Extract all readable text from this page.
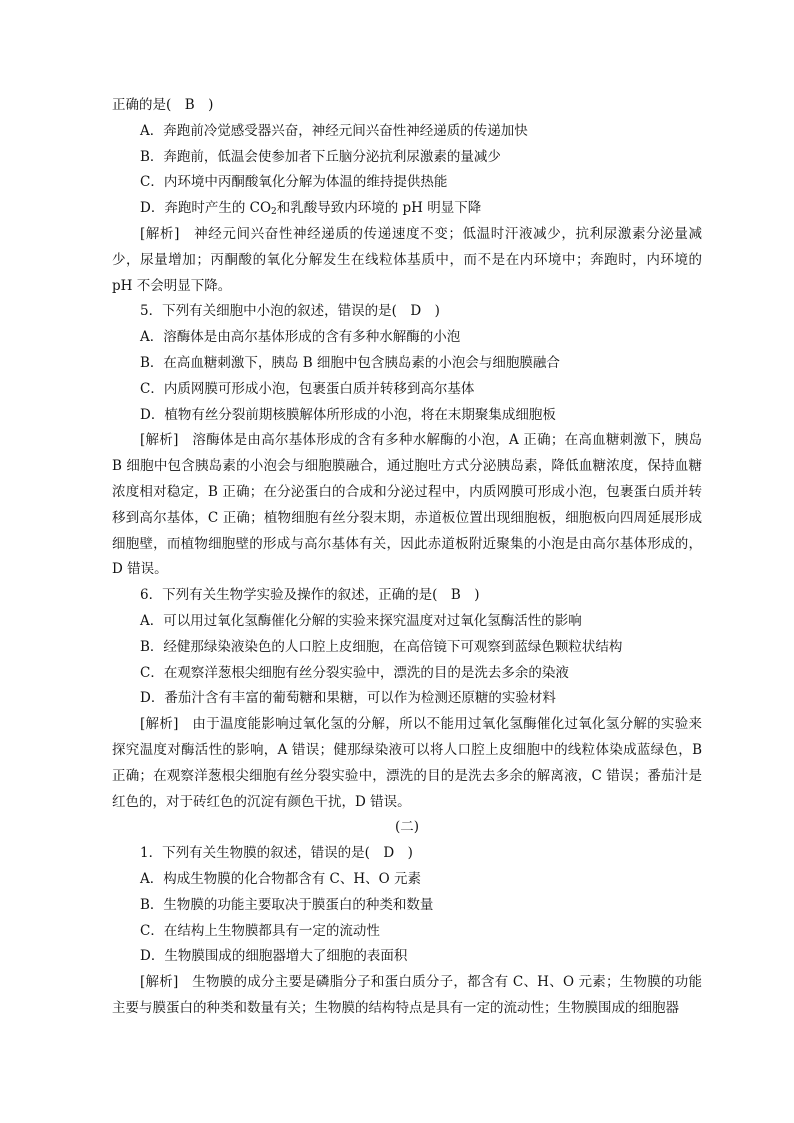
正确的是(　B　)
A．奔跑前冷觉感受器兴奋，神经元间兴奋性神经递质的传递加快
B．奔跑前，低温会使参加者下丘脑分泌抗利尿激素的量减少
C．内环境中丙酮酸氧化分解为体温的维持提供热能
D．奔跑时产生的 $CO_2$和乳酸导致内环境的 pH 明显下降
[解析]　神经元间兴奋性神经递质的传递速度不变；低温时汗液减少，抗利尿激素分泌量减少，尿量增加；丙酮酸的氧化分解发生在线粒体基质中，而不是在内环境中；奔跑时，内环境的 pH 不会明显下降。
5．下列有关细胞中小泡的叙述，错误的是(　D　)
A．溶酶体是由高尔基体形成的含有多种水解酶的小泡
B．在高血糖刺激下，胰岛 B 细胞中包含胰岛素的小泡会与细胞膜融合
C．内质网膜可形成小泡，包裹蛋白质并转移到高尔基体
D．植物有丝分裂前期核膜解体所形成的小泡，将在末期聚集成细胞板
[解析]　溶酶体是由高尔基体形成的含有多种水解酶的小泡，A 正确；在高血糖刺激下，胰岛 B 细胞中包含胰岛素的小泡会与细胞膜融合，通过胞吐方式分泌胰岛素，降低血糖浓度，保持血糖浓度相对稳定，B 正确；在分泌蛋白的合成和分泌过程中，内质网膜可形成小泡，包裹蛋白质并转移到高尔基体，C 正确；植物细胞有丝分裂末期，赤道板位置出现细胞板，细胞板向四周延展形成细胞壁，而植物细胞壁的形成与高尔基体有关，因此赤道板附近聚集的小泡是由高尔基体形成的，D 错误。
6．下列有关生物学实验及操作的叙述，正确的是(　B　)
A．可以用过氧化氢酶催化分解的实验来探究温度对过氧化氢酶活性的影响
B．经健那绿染液染色的人口腔上皮细胞，在高倍镜下可观察到蓝绿色颗粒状结构
C．在观察洋葱根尖细胞有丝分裂实验中，漂洗的目的是洗去多余的染液
D．番茄汁含有丰富的葡萄糖和果糖，可以作为检测还原糖的实验材料
[解析]　由于温度能影响过氧化氢的分解，所以不能用过氧化氢酶催化过氧化氢分解的实验来探究温度对酶活性的影响，A 错误；健那绿染液可以将人口腔上皮细胞中的线粒体染成蓝绿色，B 正确；在观察洋葱根尖细胞有丝分裂实验中，漂洗的目的是洗去多余的解离液，C 错误；番茄汁是红色的，对于砖红色的沉淀有颜色干扰，D 错误。
(二)
1．下列有关生物膜的叙述，错误的是(　D　)
A．构成生物膜的化合物都含有 C、H、O 元素
B．生物膜的功能主要取决于膜蛋白的种类和数量
C．在结构上生物膜都具有一定的流动性
D．生物膜围成的细胞器增大了细胞的表面积
[解析]　生物膜的成分主要是磷脂分子和蛋白质分子，都含有 C、H、O 元素；生物膜的功能主要与膜蛋白的种类和数量有关；生物膜的结构特点是具有一定的流动性；生物膜围成的细胞器
